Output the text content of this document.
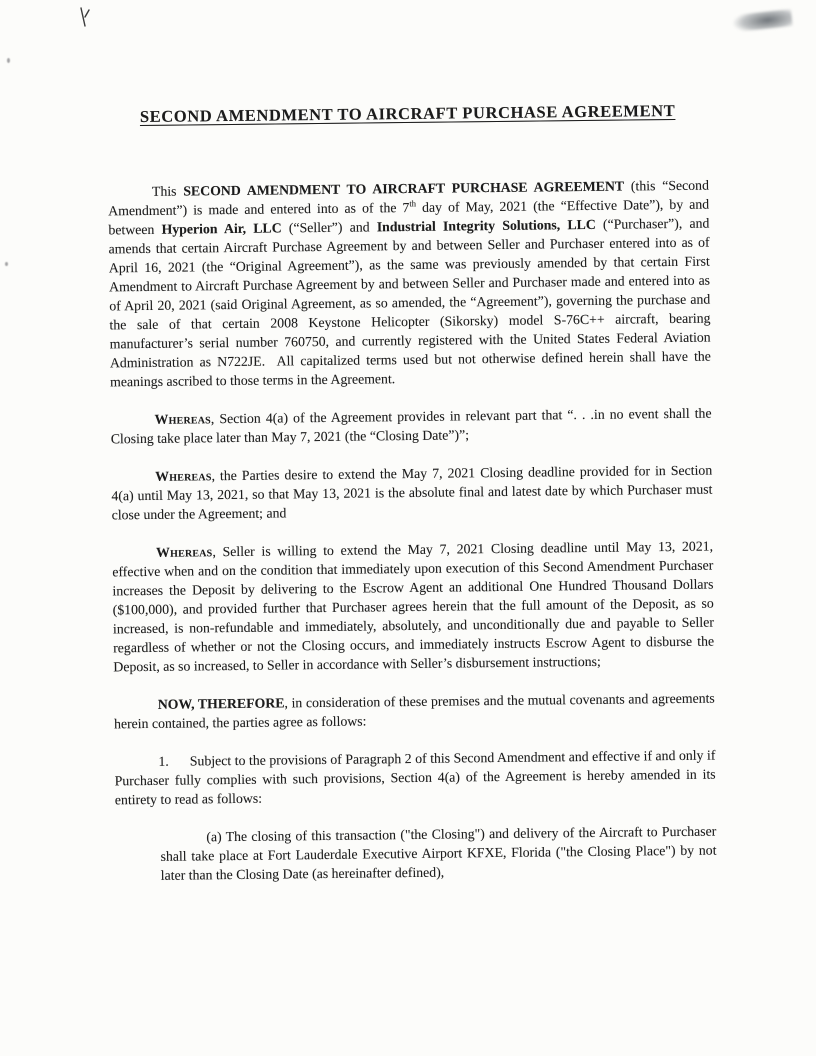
SECOND AMENDMENT TO AIRCRAFT PURCHASE AGREEMENT

This SECOND AMENDMENT TO AIRCRAFT PURCHASE AGREEMENT (this “Second Amendment”) is made and entered into as of the 7th day of May, 2021 (the “Effective Date”), by and between Hyperion Air, LLC (“Seller”) and Industrial Integrity Solutions, LLC (“Purchaser”), and amends that certain Aircraft Purchase Agreement by and between Seller and Purchaser entered into as of April 16, 2021 (the “Original Agreement”), as the same was previously amended by that certain First Amendment to Aircraft Purchase Agreement by and between Seller and Purchaser made and entered into as of April 20, 2021 (said Original Agreement, as so amended, the “Agreement”), governing the purchase and the sale of that certain 2008 Keystone Helicopter (Sikorsky) model S-76C++ aircraft, bearing manufacturer’s serial number 760750, and currently registered with the United States Federal Aviation Administration as N722JE.  All capitalized terms used but not otherwise defined herein shall have the meanings ascribed to those terms in the Agreement.

Whereas, Section 4(a) of the Agreement provides in relevant part that “. . .in no event shall the Closing take place later than May 7, 2021 (the “Closing Date”)”;

Whereas, the Parties desire to extend the May 7, 2021 Closing deadline provided for in Section 4(a) until May 13, 2021, so that May 13, 2021 is the absolute final and latest date by which Purchaser must close under the Agreement; and

Whereas, Seller is willing to extend the May 7, 2021 Closing deadline until May 13, 2021, effective when and on the condition that immediately upon execution of this Second Amendment Purchaser increases the Deposit by delivering to the Escrow Agent an additional One Hundred Thousand Dollars ($100,000), and provided further that Purchaser agrees herein that the full amount of the Deposit, as so increased, is non-refundable and immediately, absolutely, and unconditionally due and payable to Seller regardless of whether or not the Closing occurs, and immediately instructs Escrow Agent to disburse the Deposit, as so increased, to Seller in accordance with Seller’s disbursement instructions;

NOW, THEREFORE, in consideration of these premises and the mutual covenants and agreements herein contained, the parties agree as follows:

1.      Subject to the provisions of Paragraph 2 of this Second Amendment and effective if and only if Purchaser fully complies with such provisions, Section 4(a) of the Agreement is hereby amended in its entirety to read as follows:

(a) The closing of this transaction ("the Closing") and delivery of the Aircraft to Purchaser shall take place at Fort Lauderdale Executive Airport KFXE, Florida ("the Closing Place") by not later than the Closing Date (as hereinafter defined),
